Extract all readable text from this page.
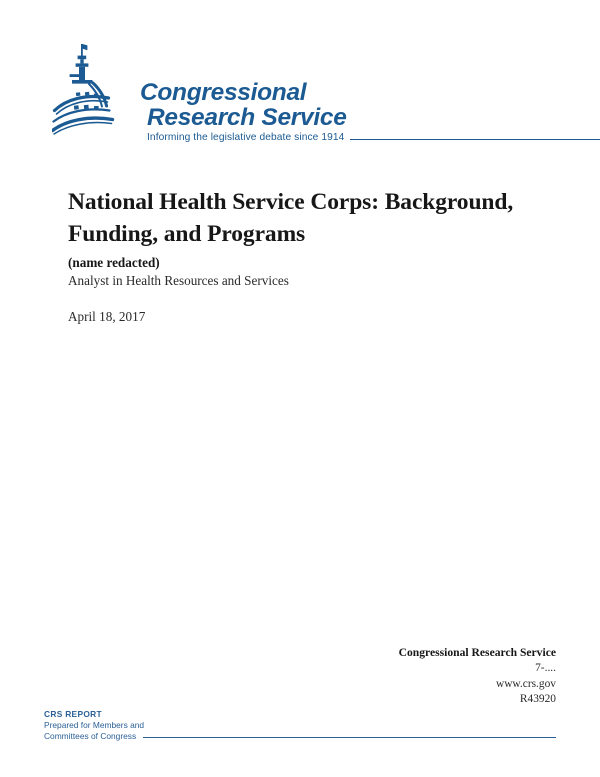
Congressional
Research Service
Informing the legislative debate since 1914
National Health Service Corps: Background, Funding, and Programs
(name redacted)
Analyst in Health Resources and Services
April 18, 2017
Congressional Research Service
7-....
www.crs.gov
R43920
CRS REPORT
Prepared for Members and
Committees of Congress
